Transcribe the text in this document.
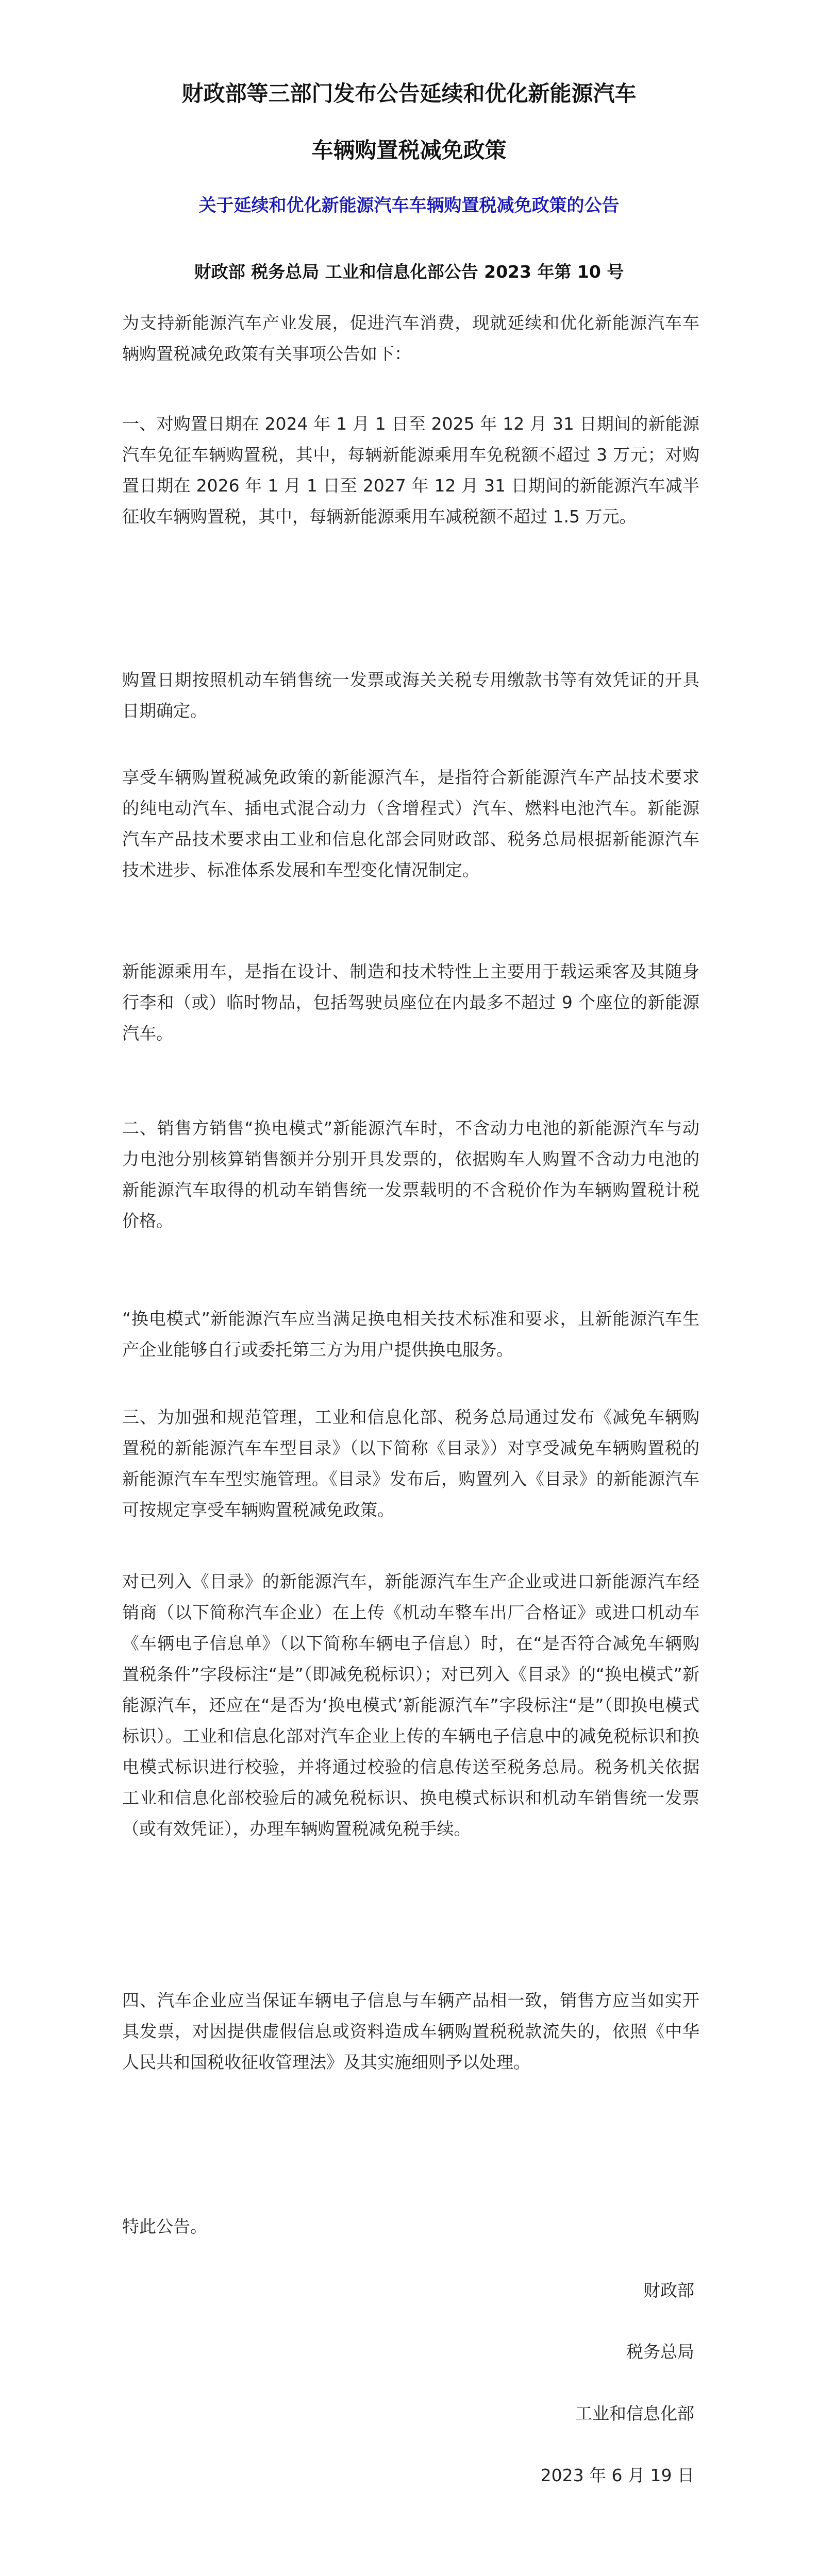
财政部等三部门发布公告延续和优化新能源汽车
车辆购置税减免政策
关于延续和优化新能源汽车车辆购置税减免政策的公告

财政部 税务总局 工业和信息化部公告 2023 年第 10 号

为支持新能源汽车产业发展，促进汽车消费，现就延续和优化新能源汽车车辆购置税减免政策有关事项公告如下：

一、对购置日期在 2024 年 1 月 1 日至 2025 年 12 月 31 日期间的新能源汽车免征车辆购置税，其中，每辆新能源乘用车免税额不超过 3 万元；对购置日期在 2026 年 1 月 1 日至 2027 年 12 月 31 日期间的新能源汽车减半征收车辆购置税，其中，每辆新能源乘用车减税额不超过 1.5 万元。

购置日期按照机动车销售统一发票或海关关税专用缴款书等有效凭证的开具日期确定。

享受车辆购置税减免政策的新能源汽车，是指符合新能源汽车产品技术要求的纯电动汽车、插电式混合动力（含增程式）汽车、燃料电池汽车。新能源汽车产品技术要求由工业和信息化部会同财政部、税务总局根据新能源汽车技术进步、标准体系发展和车型变化情况制定。

新能源乘用车，是指在设计、制造和技术特性上主要用于载运乘客及其随身行李和（或）临时物品，包括驾驶员座位在内最多不超过 9 个座位的新能源汽车。

二、销售方销售“换电模式”新能源汽车时，不含动力电池的新能源汽车与动力电池分别核算销售额并分别开具发票的，依据购车人购置不含动力电池的新能源汽车取得的机动车销售统一发票载明的不含税价作为车辆购置税计税价格。

“换电模式”新能源汽车应当满足换电相关技术标准和要求，且新能源汽车生产企业能够自行或委托第三方为用户提供换电服务。

三、为加强和规范管理，工业和信息化部、税务总局通过发布《减免车辆购置税的新能源汽车车型目录》（以下简称《目录》）对享受减免车辆购置税的新能源汽车车型实施管理。《目录》发布后，购置列入《目录》的新能源汽车可按规定享受车辆购置税减免政策。

对已列入《目录》的新能源汽车，新能源汽车生产企业或进口新能源汽车经销商（以下简称汽车企业）在上传《机动车整车出厂合格证》或进口机动车《车辆电子信息单》（以下简称车辆电子信息）时，在“是否符合减免车辆购置税条件”字段标注“是”（即减免税标识）；对已列入《目录》的“换电模式”新能源汽车，还应在“是否为‘换电模式’新能源汽车”字段标注“是”（即换电模式标识）。工业和信息化部对汽车企业上传的车辆电子信息中的减免税标识和换电模式标识进行校验，并将通过校验的信息传送至税务总局。税务机关依据工业和信息化部校验后的减免税标识、换电模式标识和机动车销售统一发票（或有效凭证），办理车辆购置税减免税手续。

四、汽车企业应当保证车辆电子信息与车辆产品相一致，销售方应当如实开具发票，对因提供虚假信息或资料造成车辆购置税税款流失的，依照《中华人民共和国税收征收管理法》及其实施细则予以处理。

特此公告。

财政部

税务总局

工业和信息化部

2023 年 6 月 19 日
